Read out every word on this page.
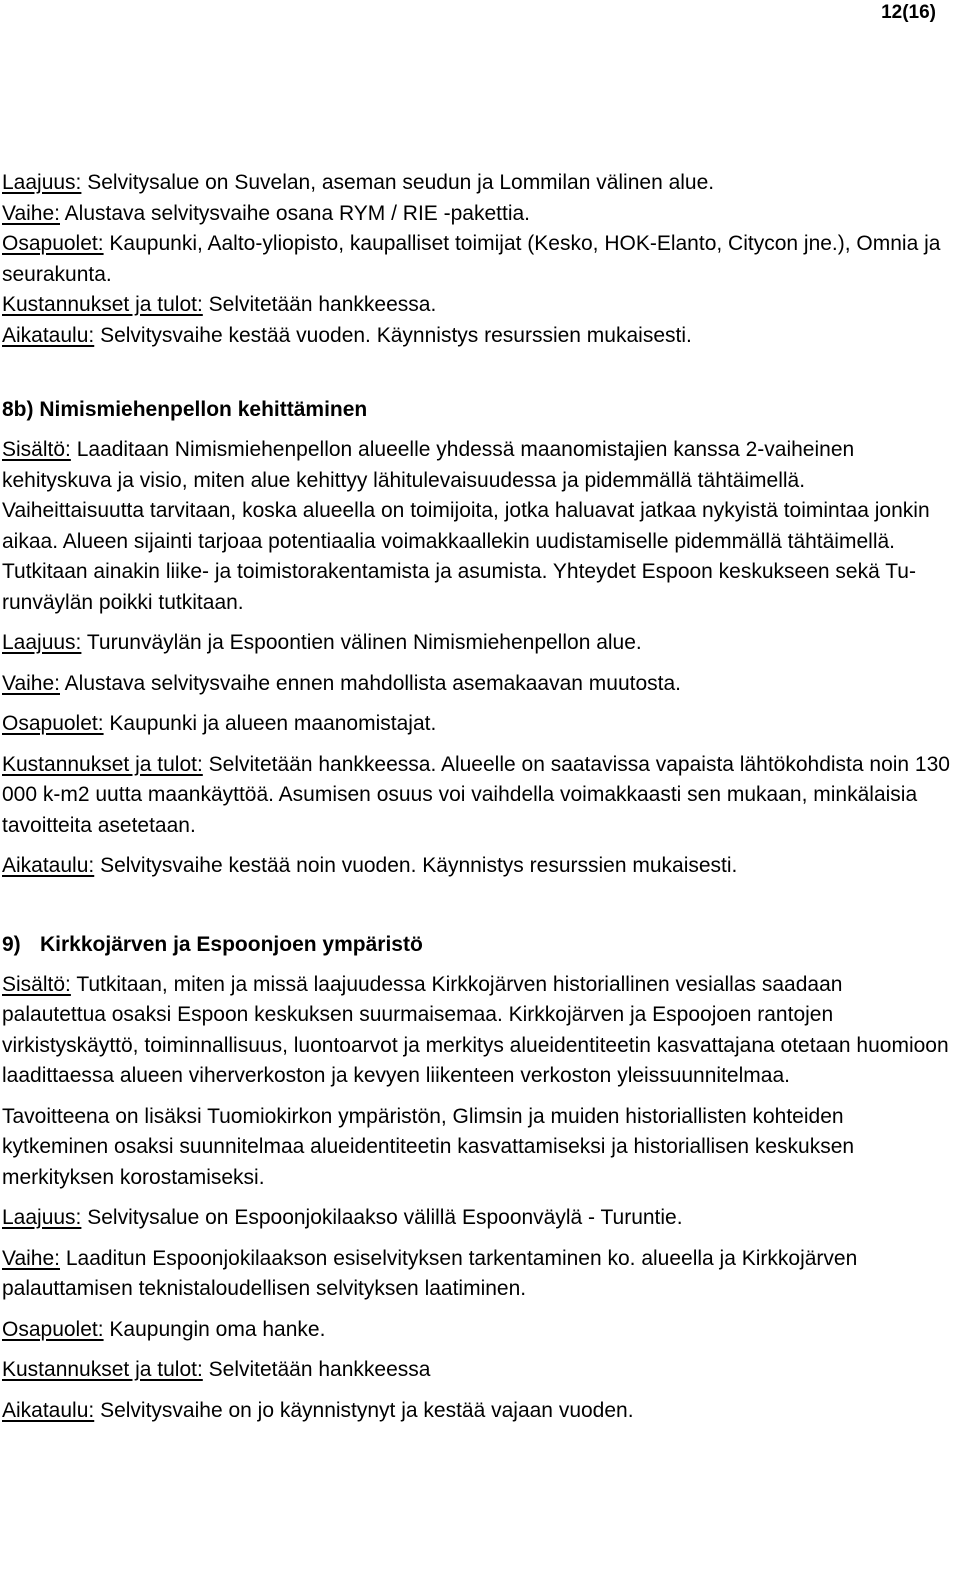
12(16)
Laajuus: Selvitysalue on Suvelan, aseman seudun ja Lommilan välinen alue.
Vaihe: Alustava selvitysvaihe osana RYM / RIE -pakettia.
Osapuolet: Kaupunki, Aalto-yliopisto, kaupalliset toimijat (Kesko, HOK-Elanto, Citycon jne.), Omnia ja seurakunta.
Kustannukset ja tulot: Selvitetään hankkeessa.
Aikataulu: Selvitysvaihe kestää vuoden. Käynnistys resurssien mukaisesti.
8b) Nimismiehenpellon kehittäminen
Sisältö: Laaditaan Nimismiehenpellon alueelle yhdessä maanomistajien kanssa 2-vaiheinen kehityskuva ja visio, miten alue kehittyy lähitulevaisuudessa ja pidemmällä tähtäimellä. Vaiheittaisuutta tarvitaan, koska alueella on toimijoita, jotka haluavat jatkaa nykyistä toimintaa jonkin aikaa. Alueen sijainti tarjoaa potentiaalia voimakkaallekin uudistamiselle pidemmällä tähtäimellä. Tutkitaan ainakin liike- ja toimistorakentamista ja asumista. Yhteydet Espoon keskukseen sekä Turunväylän poikki tutkitaan.
Laajuus: Turunväylän ja Espoontien välinen Nimismiehenpellon alue.
Vaihe: Alustava selvitysvaihe ennen mahdollista asemakaavan muutosta.
Osapuolet: Kaupunki ja alueen maanomistajat.
Kustannukset ja tulot: Selvitetään hankkeessa. Alueelle on saatavissa vapaista lähtökohdista noin 130 000 k-m2 uutta maankäyttöä. Asumisen osuus voi vaihdella voimakkaasti sen mukaan, minkälaisia tavoitteita asetetaan.
Aikataulu: Selvitysvaihe kestää noin vuoden. Käynnistys resurssien mukaisesti.
9) Kirkkojärven ja Espoonjoen ympäristö
Sisältö: Tutkitaan, miten ja missä laajuudessa Kirkkojärven historiallinen vesiallas saadaan palautettua osaksi Espoon keskuksen suurmaisemaa. Kirkkojärven ja Espoojoen rantojen virkistyskäyttö, toiminnallisuus, luontoarvot ja merkitys alueidentiteetin kasvattajana otetaan huomioon laadittaessa alueen viherverkoston ja kevyen liikenteen verkoston yleissuunnitelmaa.
Tavoitteena on lisäksi Tuomiokirkon ympäristön, Glimsin ja muiden historiallisten kohteiden kytkeminen osaksi suunnitelmaa alueidentiteetin kasvattamiseksi ja historiallisen keskuksen merkityksen korostamiseksi.
Laajuus: Selvitysalue on Espoonjokilaakso välillä Espoonväylä - Turuntie.
Vaihe: Laaditun Espoonjokilaakson esiselvityksen tarkentaminen ko. alueella ja Kirkkojärven palauttamisen teknistaloudellisen selvityksen laatiminen.
Osapuolet: Kaupungin oma hanke.
Kustannukset ja tulot: Selvitetään hankkeessa
Aikataulu: Selvitysvaihe on jo käynnistynyt ja kestää vajaan vuoden.
